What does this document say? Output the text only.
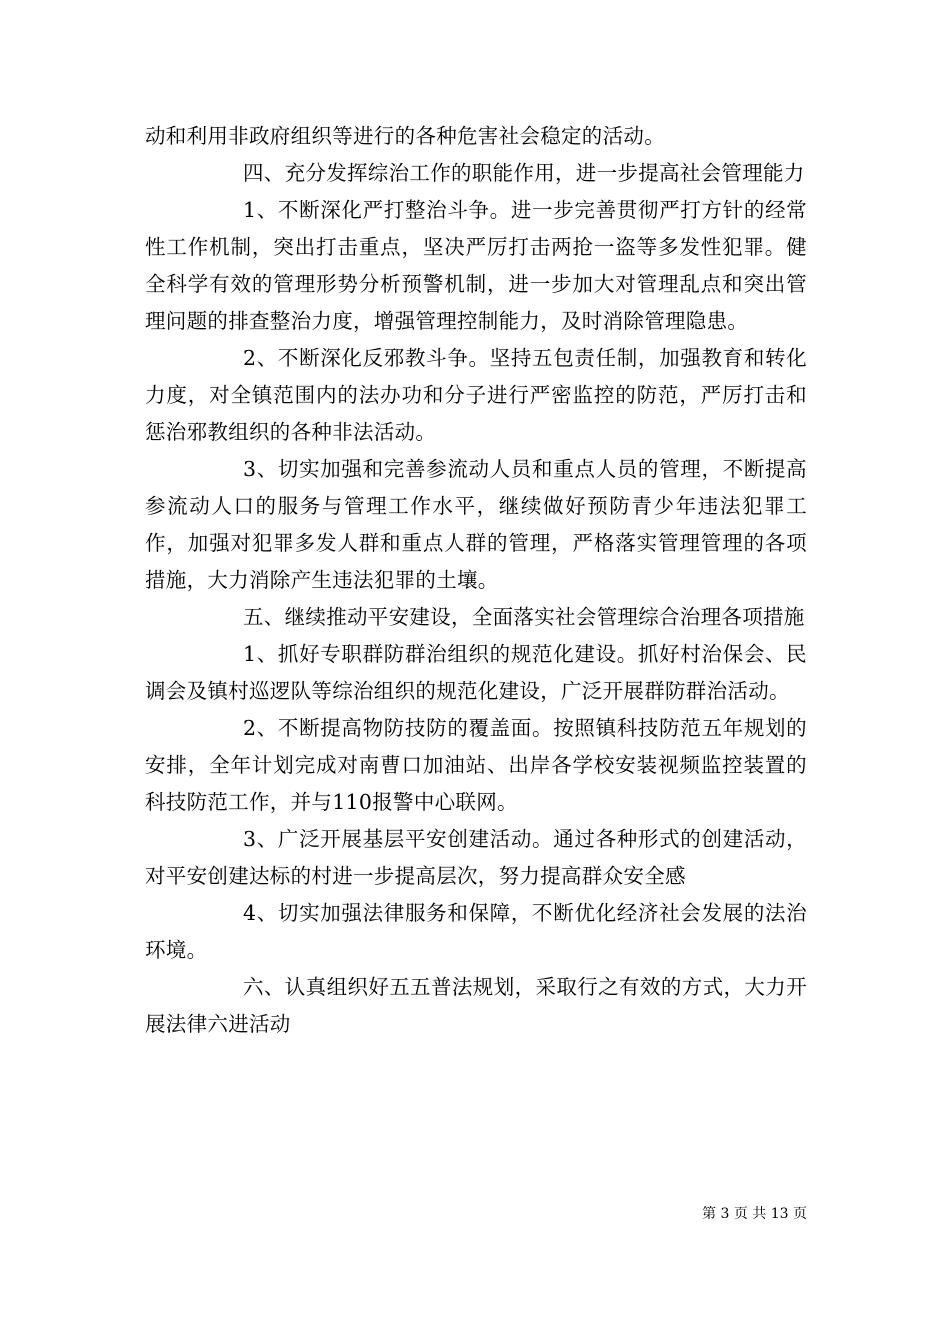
动和利用非政府组织等进行的各种危害社会稳定的活动。

四、充分发挥综治工作的职能作用，进一步提高社会管理能力

1、不断深化严打整治斗争。进一步完善贯彻严打方针的经常性工作机制，突出打击重点，坚决严厉打击两抢一盗等多发性犯罪。健全科学有效的管理形势分析预警机制，进一步加大对管理乱点和突出管理问题的排查整治力度，增强管理控制能力，及时消除管理隐患。

2、不断深化反邪教斗争。坚持五包责任制，加强教育和转化力度，对全镇范围内的法办功和分子进行严密监控的防范，严厉打击和惩治邪教组织的各种非法活动。

3、切实加强和完善参流动人员和重点人员的管理，不断提高参流动人口的服务与管理工作水平，继续做好预防青少年违法犯罪工作，加强对犯罪多发人群和重点人群的管理，严格落实管理管理的各项措施，大力消除产生违法犯罪的土壤。

五、继续推动平安建设，全面落实社会管理综合治理各项措施

1、抓好专职群防群治组织的规范化建设。抓好村治保会、民调会及镇村巡逻队等综治组织的规范化建设，广泛开展群防群治活动。

2、不断提高物防技防的覆盖面。按照镇科技防范五年规划的安排，全年计划完成对南曹口加油站、出岸各学校安装视频监控装置的科技防范工作，并与110报警中心联网。

3、广泛开展基层平安创建活动。通过各种形式的创建活动，对平安创建达标的村进一步提高层次，努力提高群众安全感

4、切实加强法律服务和保障，不断优化经济社会发展的法治环境。

六、认真组织好五五普法规划，采取行之有效的方式，大力开展法律六进活动

第 3 页 共 13 页
